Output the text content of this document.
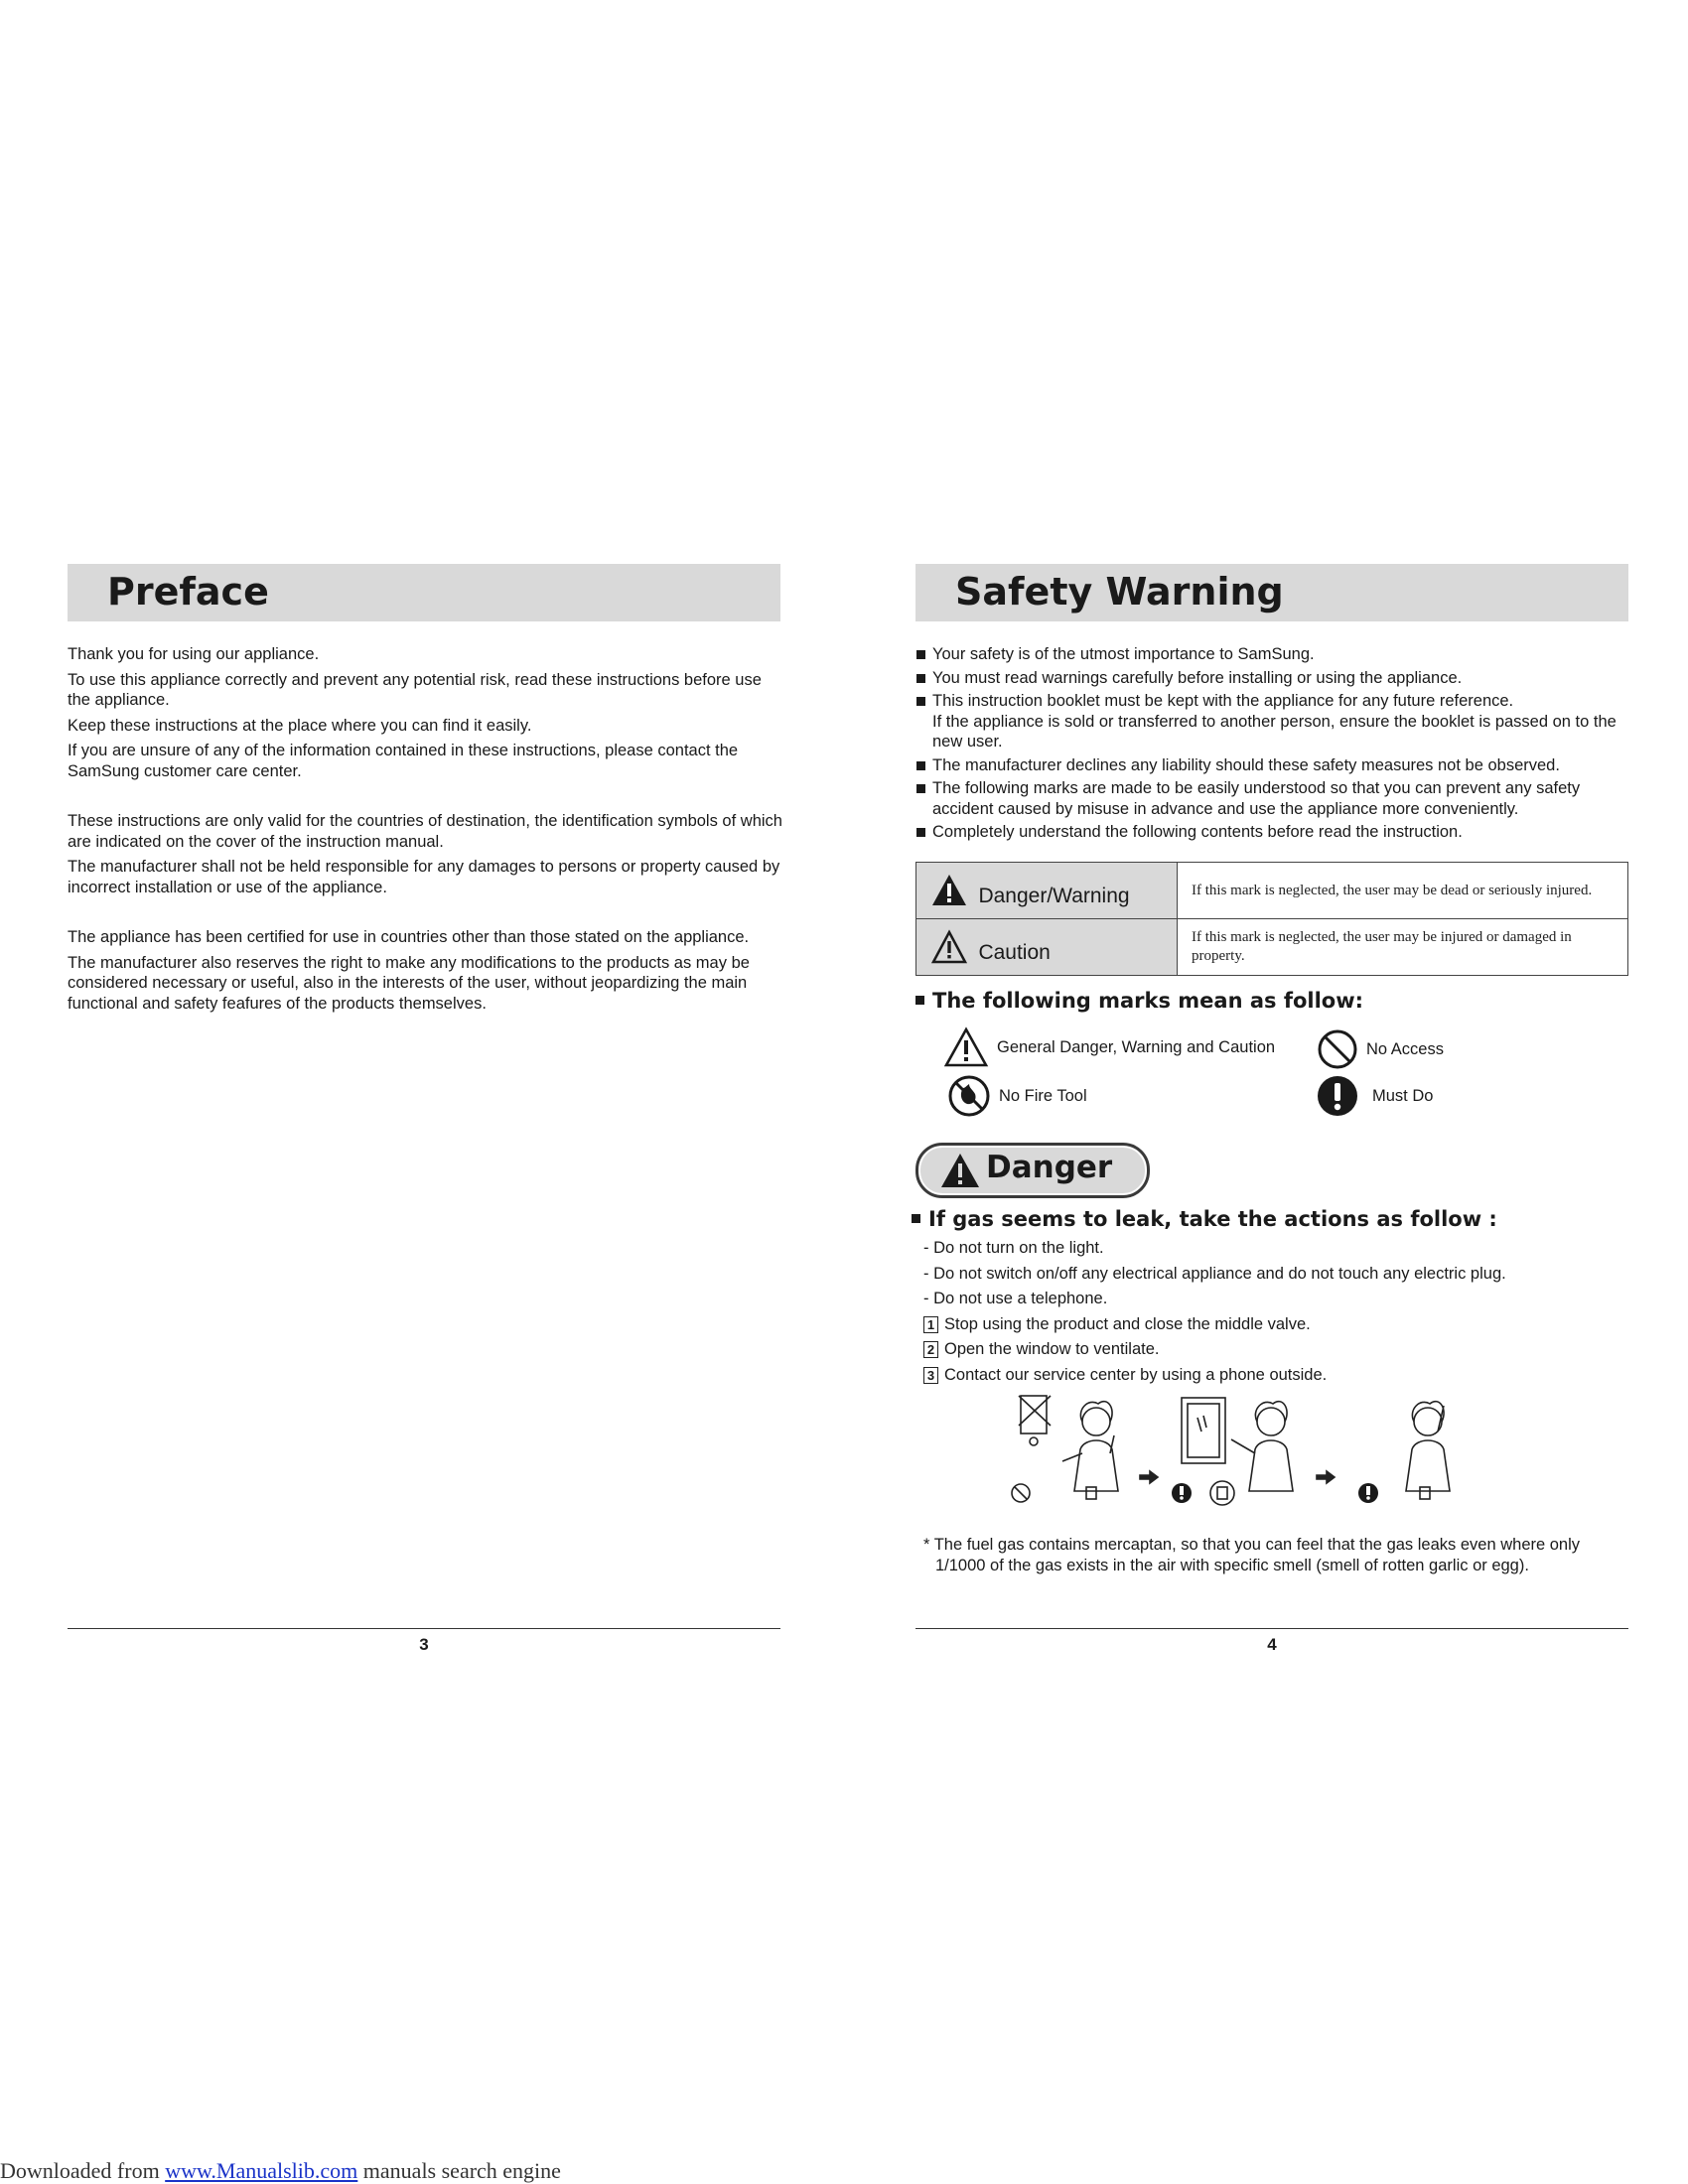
Preface

Thank you for using our appliance.

To use this appliance correctly and prevent any potential risk, read these instructions before use the appliance.

Keep these instructions at the place where you can find it easily.

If you are unsure of any of the information contained in these instructions, please contact the SamSung customer care center.

These instructions are only valid for the countries of destination, the identification symbols of which are indicated on the cover of the instruction manual.

The manufacturer shall not be held responsible for any damages to persons or property caused by incorrect installation or use of the appliance.

The appliance has been certified for use in countries other than those stated on the appliance.

The manufacturer also reserves the right to make any modifications to the products as may be considered necessary or useful, also in the interests of the user, without jeopardizing the main functional and safety feafures of the products themselves.

3
Safety Warning
Your safety is of the utmost importance to SamSung.
You must read warnings carefully before installing or using the appliance.
This instruction booklet must be kept with the appliance for any future reference.
If the appliance is sold or transferred to another person, ensure the booklet is passed on to the new user.
The manufacturer declines any liability should these safety measures not be observed.
The following marks are made to be easily understood so that you can prevent any safety accident caused by misuse in advance and use the appliance more conveniently.
Completely understand the following contents before read the instruction.
Danger/Warning	If this mark is neglected, the user may be dead or seriously injured.
Caution	If this mark is neglected, the user may be injured or damaged in property.
The following marks mean as follow:
General Danger, Warning and Caution	No Access
No Fire Tool	Must Do
Danger
If gas seems to leak, take the actions as follow :
- Do not turn on the light.
- Do not switch on/off any electrical appliance and do not touch any electric plug.
- Do not use a telephone.
1 Stop using the product and close the middle valve.
2 Open the window to ventilate.
3 Contact our service center by using a phone outside.
* The fuel gas contains mercaptan, so that you can feel that the gas leaks even where only
1/1000 of the gas exists in the air with specific smell (smell of rotten garlic or egg).
4
Downloaded from www.Manualslib.com manuals search engine
